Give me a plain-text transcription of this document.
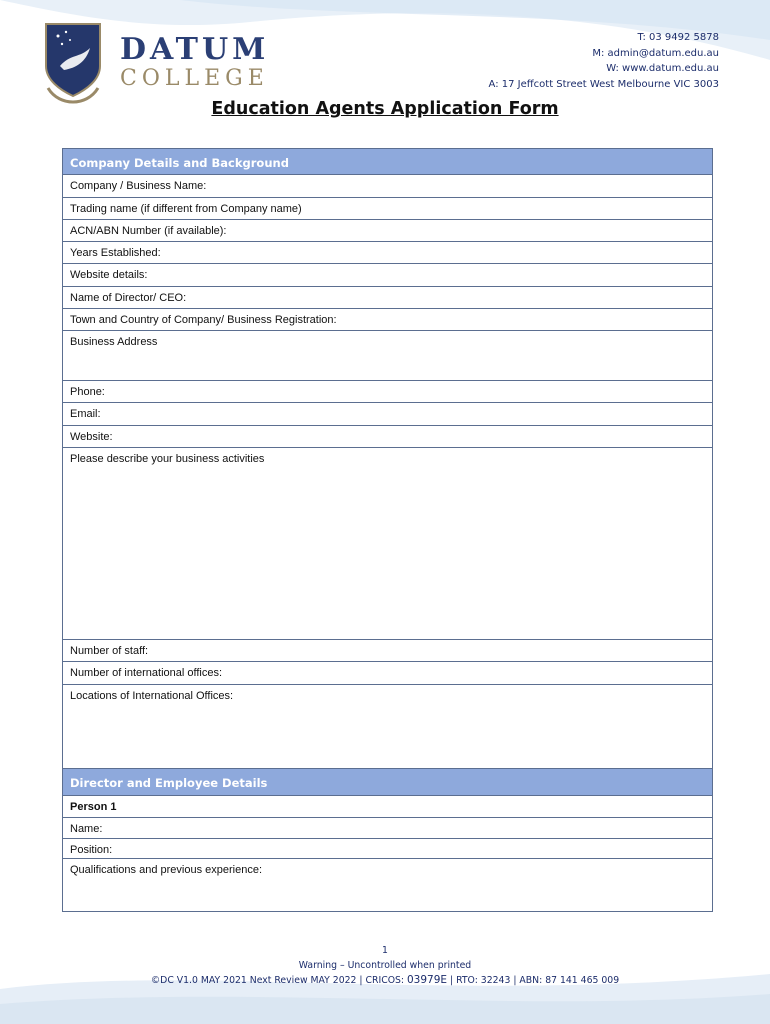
DATUM
COLLEGE
T: 03 9492 5878
M: admin@datum.edu.au
W: www.datum.edu.au
A: 17 Jeffcott Street West Melbourne VIC 3003
Education Agents Application Form
Company Details and Background
Company / Business Name:
Trading name (if different from Company name)
ACN/ABN Number (if available):
Years Established:
Website details:
Name of Director/ CEO:
Town and Country of Company/ Business Registration:
Business Address
Phone:
Email:
Website:
Please describe your business activities
Number of staff:
Number of international offices:
Locations of International Offices:
Director and Employee Details
Person 1
Name:
Position:
Qualifications and previous experience:
1
Warning – Uncontrolled when printed
©DC V1.0 MAY 2021 Next Review MAY 2022 | CRICOS: 03979E | RTO: 32243 | ABN: 87 141 465 009
